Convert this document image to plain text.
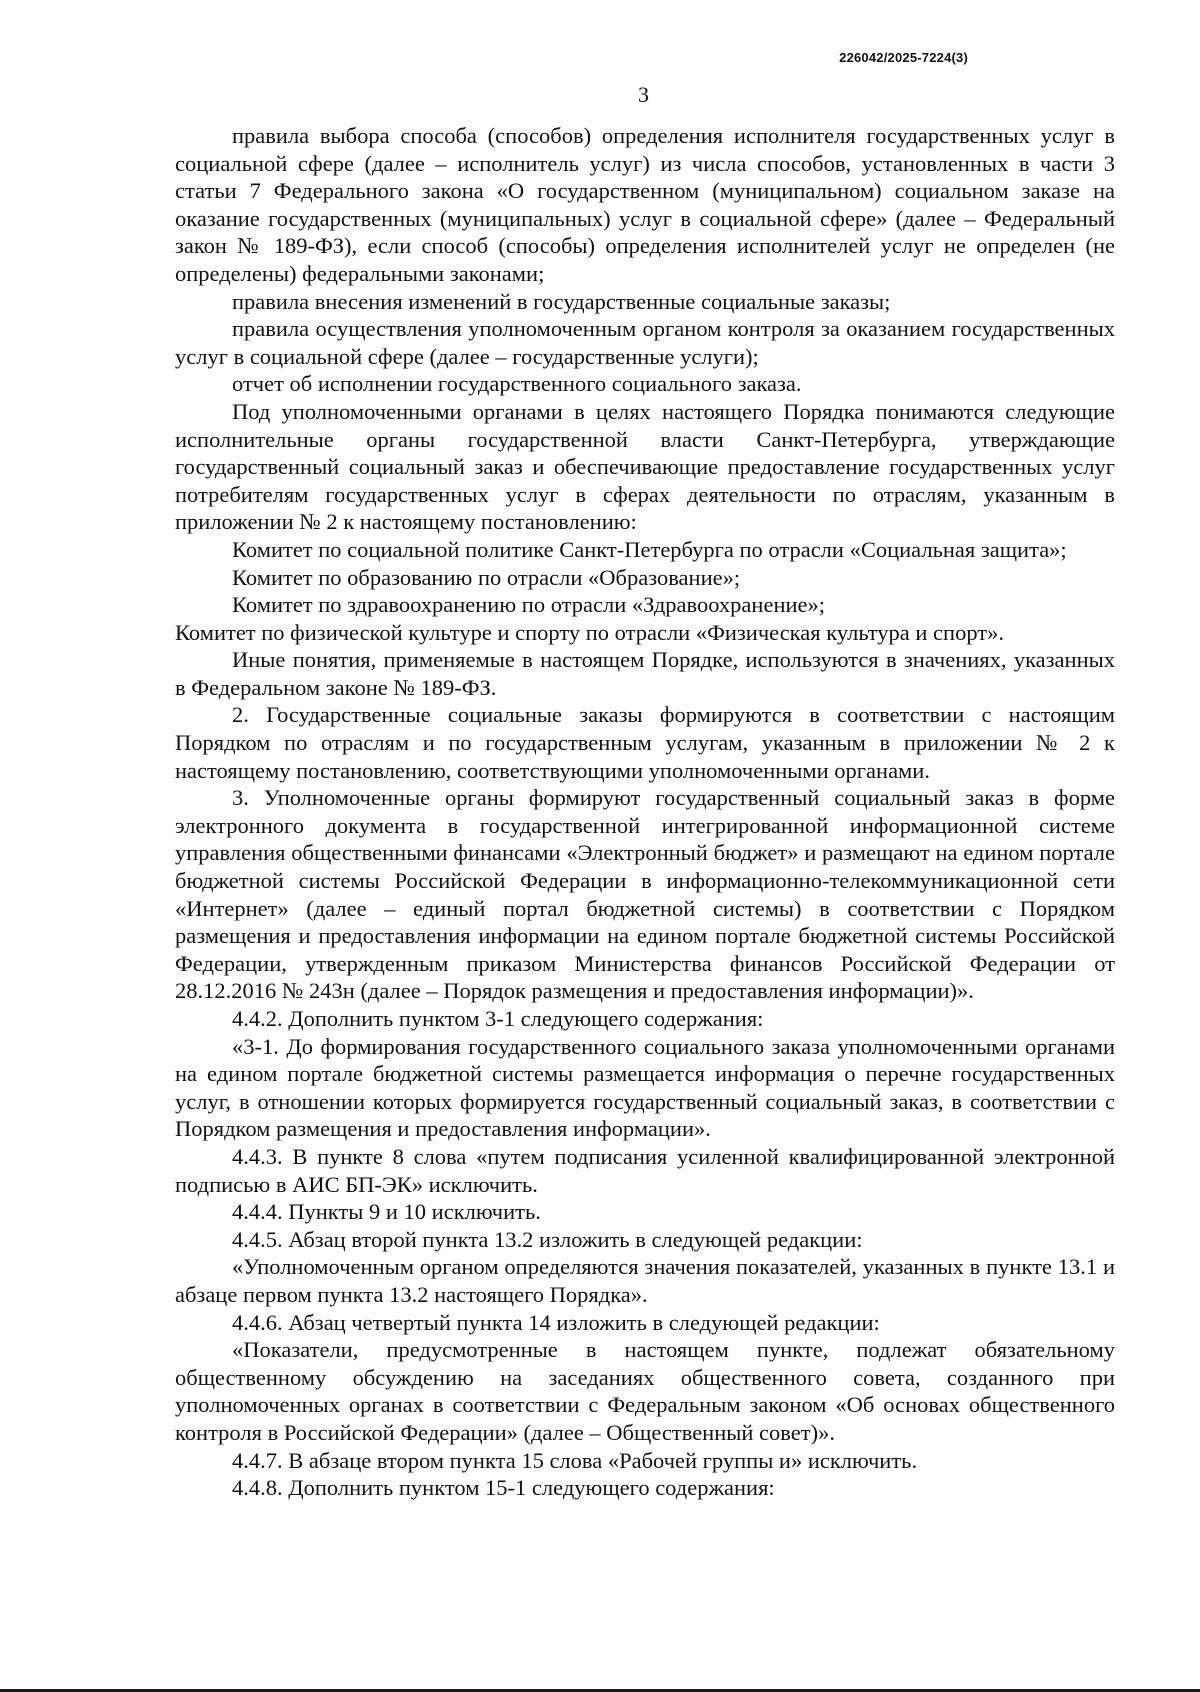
226042/2025-7224(3)
3

правила выбора способа (способов) определения исполнителя государственных услуг в социальной сфере (далее – исполнитель услуг) из числа способов, установленных в части 3 статьи 7 Федерального закона «О государственном (муниципальном) социальном заказе на оказание государственных (муниципальных) услуг в социальной сфере» (далее – Федеральный закон № 189-ФЗ), если способ (способы) определения исполнителей услуг не определен (не определены) федеральными законами;

правила внесения изменений в государственные социальные заказы;

правила осуществления уполномоченным органом контроля за оказанием государственных услуг в социальной сфере (далее – государственные услуги);

отчет об исполнении государственного социального заказа.

Под уполномоченными органами в целях настоящего Порядка понимаются следующие исполнительные органы государственной власти Санкт-Петербурга, утверждающие государственный социальный заказ и обеспечивающие предоставление государственных услуг потребителям государственных услуг в сферах деятельности по отраслям, указанным в приложении № 2 к настоящему постановлению:

Комитет по социальной политике Санкт-Петербурга по отрасли «Социальная защита»;

Комитет по образованию по отрасли «Образование»;

Комитет по здравоохранению по отрасли «Здравоохранение»;

Комитет по физической культуре и спорту по отрасли «Физическая культура и спорт».

Иные понятия, применяемые в настоящем Порядке, используются в значениях, указанных в Федеральном законе № 189-ФЗ.

2. Государственные социальные заказы формируются в соответствии с настоящим Порядком по отраслям и по государственным услугам, указанным в приложении № 2 к настоящему постановлению, соответствующими уполномоченными органами.

3. Уполномоченные органы формируют государственный социальный заказ в форме электронного документа в государственной интегрированной информационной системе управления общественными финансами «Электронный бюджет» и размещают на едином портале бюджетной системы Российской Федерации в информационно-телекоммуникационной сети «Интернет» (далее – единый портал бюджетной системы) в соответствии с Порядком размещения и предоставления информации на едином портале бюджетной системы Российской Федерации, утвержденным приказом Министерства финансов Российской Федерации от 28.12.2016 № 243н (далее – Порядок размещения и предоставления информации)».

4.4.2. Дополнить пунктом 3-1 следующего содержания:

«3-1. До формирования государственного социального заказа уполномоченными органами на едином портале бюджетной системы размещается информация о перечне государственных услуг, в отношении которых формируется государственный социальный заказ, в соответствии с Порядком размещения и предоставления информации».

4.4.3. В пункте 8 слова «путем подписания усиленной квалифицированной электронной подписью в АИС БП-ЭК» исключить.

4.4.4. Пункты 9 и 10 исключить.

4.4.5. Абзац второй пункта 13.2 изложить в следующей редакции:

«Уполномоченным органом определяются значения показателей, указанных в пункте 13.1 и абзаце первом пункта 13.2 настоящего Порядка».

4.4.6. Абзац четвертый пункта 14 изложить в следующей редакции:

«Показатели, предусмотренные в настоящем пункте, подлежат обязательному общественному обсуждению на заседаниях общественного совета, созданного при уполномоченных органах в соответствии с Федеральным законом «Об основах общественного контроля в Российской Федерации» (далее – Общественный совет)».

4.4.7. В абзаце втором пункта 15 слова «Рабочей группы и» исключить.

4.4.8. Дополнить пунктом 15-1 следующего содержания:
